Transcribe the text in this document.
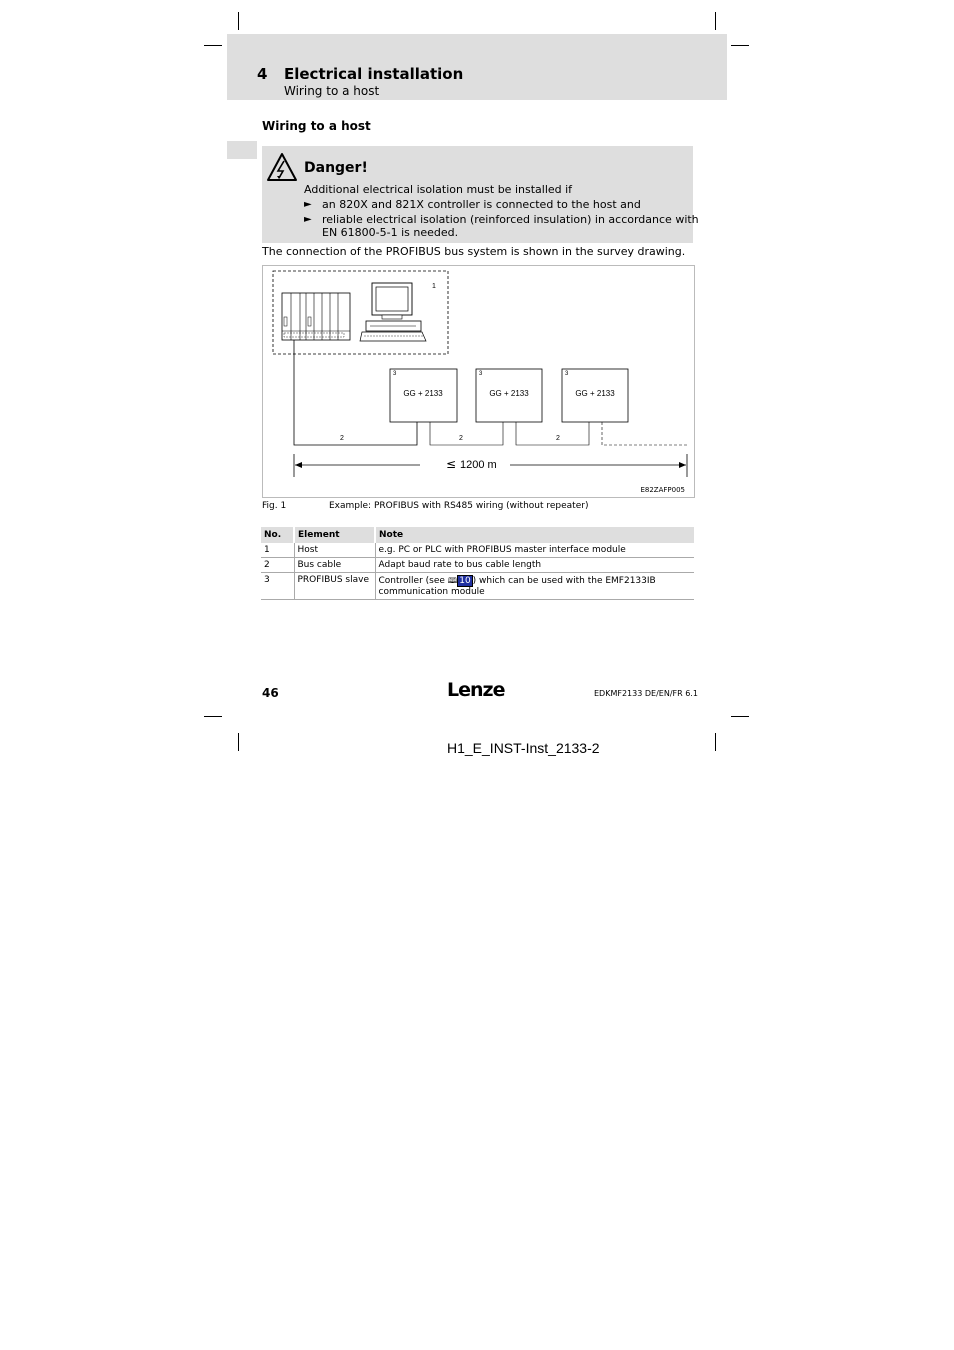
4 Electrical installation
Wiring to a host
Wiring to a host
Danger!
Additional electrical isolation must be installed if
► an 820X and 821X controller is connected to the host and
► reliable electrical isolation (reinforced insulation) in accordance with
EN 61800-5-1 is needed.
The connection of the PROFIBUS bus system is shown in the survey drawing.
1
2	2	2
3
GG + 2133
3
GG + 2133
3
GG + 2133
≤ 1200 m
E82ZAFP005
Fig. 1	Example: PROFIBUS with RS485 wiring (without repeater)
No.	Element	Note
1	Host	e.g. PC or PLC with PROFIBUS master interface module
2	Bus cable	Adapt baud rate to bus cable length
3	PROFIBUS slave	Controller (see 🕮 10 ) which can be used with the EMF2133IB communication module
46	Lenze	EDKMF2133 DE/EN/FR 6.1
H1_E_INST-Inst_2133-2
